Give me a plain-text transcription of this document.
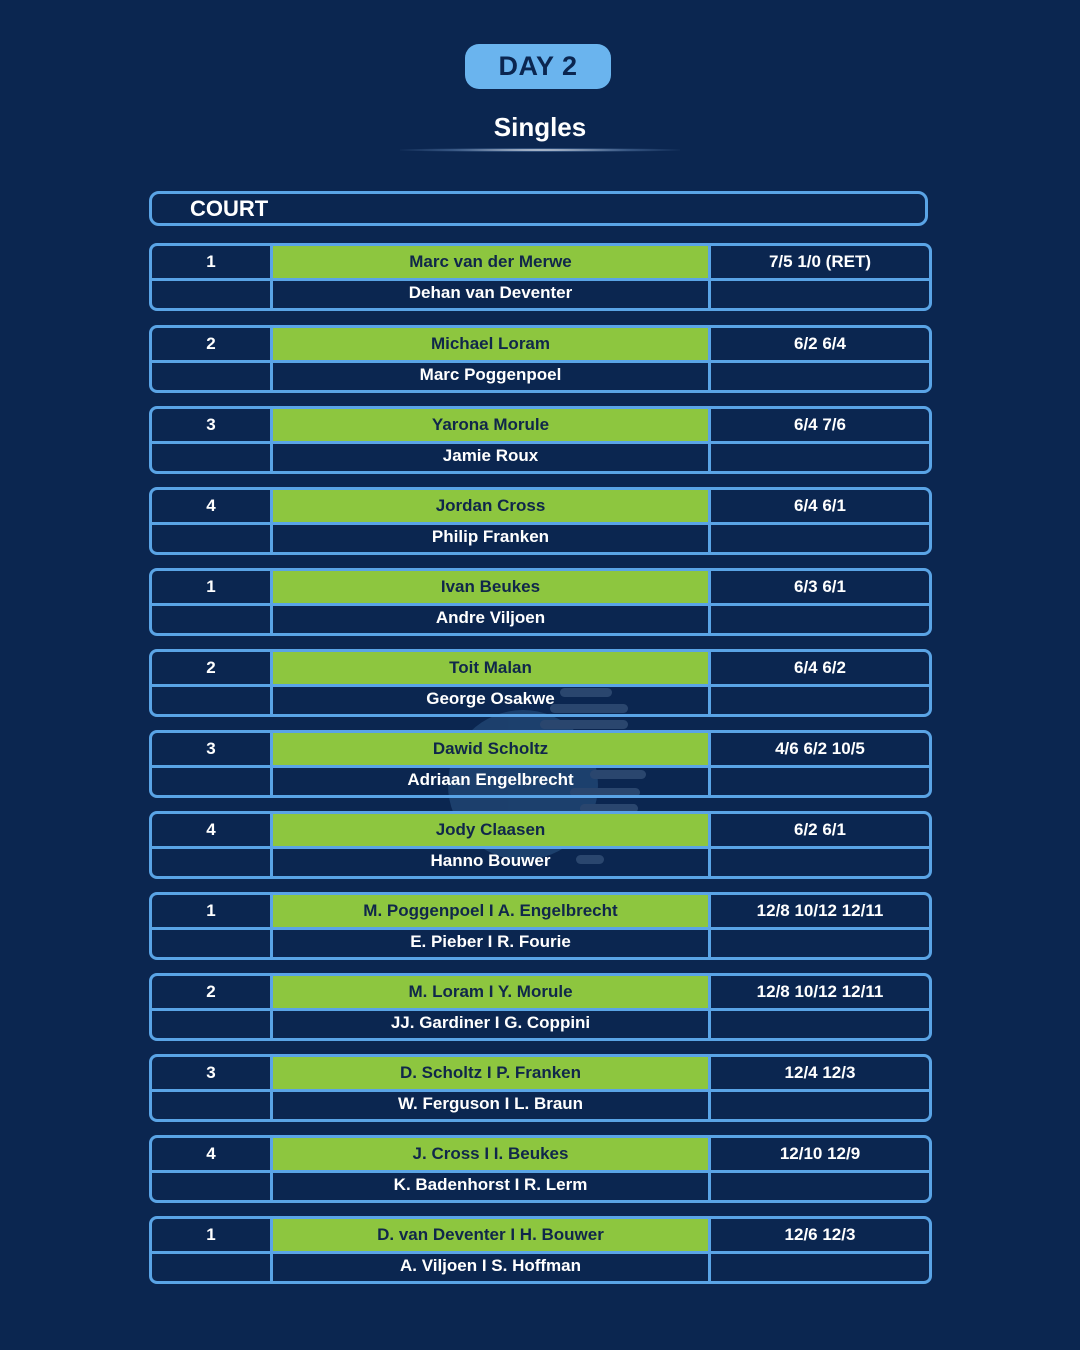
DAY 2
Singles
COURT
1	Marc van der Merwe	7/5 1/0 (RET)
Dehan van Deventer
2	Michael Loram	6/2 6/4
Marc Poggenpoel
3	Yarona Morule	6/4 7/6
Jamie Roux
4	Jordan Cross	6/4 6/1
Philip Franken
1	Ivan Beukes	6/3 6/1
Andre Viljoen
2	Toit Malan	6/4 6/2
George Osakwe
3	Dawid Scholtz	4/6 6/2 10/5
Adriaan Engelbrecht
4	Jody Claasen	6/2 6/1
Hanno Bouwer
1	M. Poggenpoel I A. Engelbrecht	12/8 10/12 12/11
E. Pieber I R. Fourie
2	M. Loram I Y. Morule	12/8 10/12 12/11
JJ. Gardiner I G. Coppini
3	D. Scholtz I P. Franken	12/4 12/3
W. Ferguson I L. Braun
4	J. Cross I I. Beukes	12/10 12/9
K. Badenhorst I R. Lerm
1	D. van Deventer I H. Bouwer	12/6 12/3
A. Viljoen I S. Hoffman
